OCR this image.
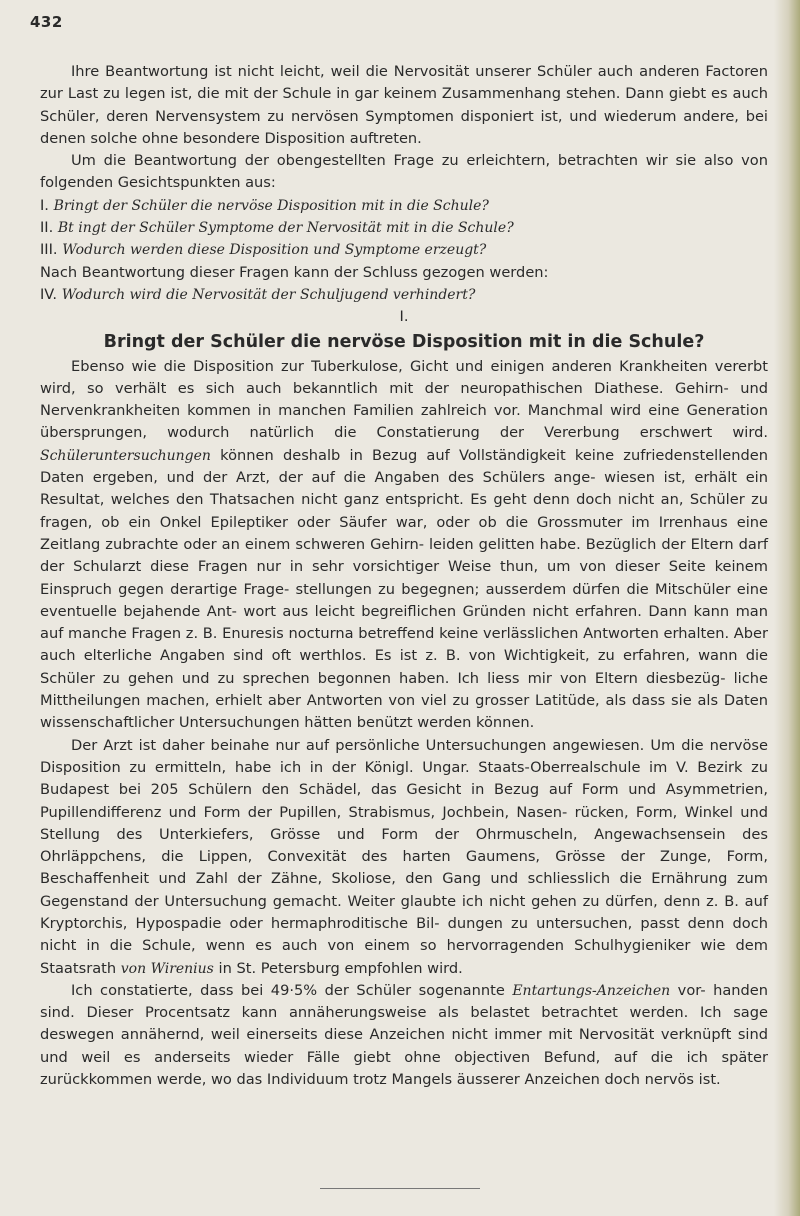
432

Ihre Beantwortung ist nicht leicht, weil die Nervosität unserer Schüler auch anderen Factoren zur Last zu legen ist, die mit der Schule in gar keinem Zusammenhang stehen. Dann giebt es auch Schüler, deren Nervensystem zu nervösen Symptomen disponiert ist, und wiederum andere, bei denen solche ohne besondere Disposition auftreten.

Um die Beantwortung der obengestellten Frage zu erleichtern, betrachten wir sie also von folgenden Gesichtspunkten aus:

I. Bringt der Schüler die nervöse Disposition mit in die Schule?

II. Bt ingt der Schüler Symptome der Nervosität mit in die Schule?

III. Wodurch werden diese Disposition und Symptome erzeugt?

Nach Beantwortung dieser Fragen kann der Schluss gezogen werden:

IV. Wodurch wird die Nervosität der Schuljugend verhindert?

I.

Bringt der Schüler die nervöse Disposition mit in die Schule?

Ebenso wie die Disposition zur Tuberkulose, Gicht und einigen anderen Krankheiten vererbt wird, so verhält es sich auch bekanntlich mit der neuropathischen Diathese. Gehirn- und Nervenkrankheiten kommen in manchen Familien zahlreich vor. Manchmal wird eine Generation übersprungen, wodurch natürlich die Constatierung der Vererbung erschwert wird. Schüleruntersuchungen können deshalb in Bezug auf Vollständigkeit keine zufriedenstellenden Daten ergeben, und der Arzt, der auf die Angaben des Schülers ange- wiesen ist, erhält ein Resultat, welches den Thatsachen nicht ganz entspricht. Es geht denn doch nicht an, Schüler zu fragen, ob ein Onkel Epileptiker oder Säufer war, oder ob die Grossmuter im Irrenhaus eine Zeitlang zubrachte oder an einem schweren Gehirn- leiden gelitten habe. Bezüglich der Eltern darf der Schularzt diese Fragen nur in sehr vorsichtiger Weise thun, um von dieser Seite keinem Einspruch gegen derartige Frage- stellungen zu begegnen; ausserdem dürfen die Mitschüler eine eventuelle bejahende Ant- wort aus leicht begreiflichen Gründen nicht erfahren. Dann kann man auf manche Fragen z. B. Enuresis nocturna betreffend keine verlässlichen Antworten erhalten. Aber auch elterliche Angaben sind oft werthlos. Es ist z. B. von Wichtigkeit, zu erfahren, wann die Schüler zu gehen und zu sprechen begonnen haben. Ich liess mir von Eltern diesbezüg- liche Mittheilungen machen, erhielt aber Antworten von viel zu grosser Latitüde, als dass sie als Daten wissenschaftlicher Untersuchungen hätten benützt werden können.

Der Arzt ist daher beinahe nur auf persönliche Untersuchungen angewiesen. Um die nervöse Disposition zu ermitteln, habe ich in der Königl. Ungar. Staats-Oberrealschule im V. Bezirk zu Budapest bei 205 Schülern den Schädel, das Gesicht in Bezug auf Form und Asymmetrien, Pupillendifferenz und Form der Pupillen, Strabismus, Jochbein, Nasen- rücken, Form, Winkel und Stellung des Unterkiefers, Grösse und Form der Ohrmuscheln, Angewachsensein des Ohrläppchens, die Lippen, Convexität des harten Gaumens, Grösse der Zunge, Form, Beschaffenheit und Zahl der Zähne, Skoliose, den Gang und schliesslich die Ernährung zum Gegenstand der Untersuchung gemacht. Weiter glaubte ich nicht gehen zu dürfen, denn z. B. auf Kryptorchis, Hypospadie oder hermaphroditische Bil- dungen zu untersuchen, passt denn doch nicht in die Schule, wenn es auch von einem so hervorragenden Schulhygieniker wie dem Staatsrath von Wirenius in St. Petersburg empfohlen wird.

Ich constatierte, dass bei 49·5% der Schüler sogenannte Entartungs-Anzeichen vor- handen sind. Dieser Procentsatz kann annäherungsweise als belastet betrachtet werden. Ich sage deswegen annähernd, weil einerseits diese Anzeichen nicht immer mit Nervosität verknüpft sind und weil es anderseits wieder Fälle giebt ohne objectiven Befund, auf die ich später zurückkommen werde, wo das Individuum trotz Mangels äusserer Anzeichen doch nervös ist.
